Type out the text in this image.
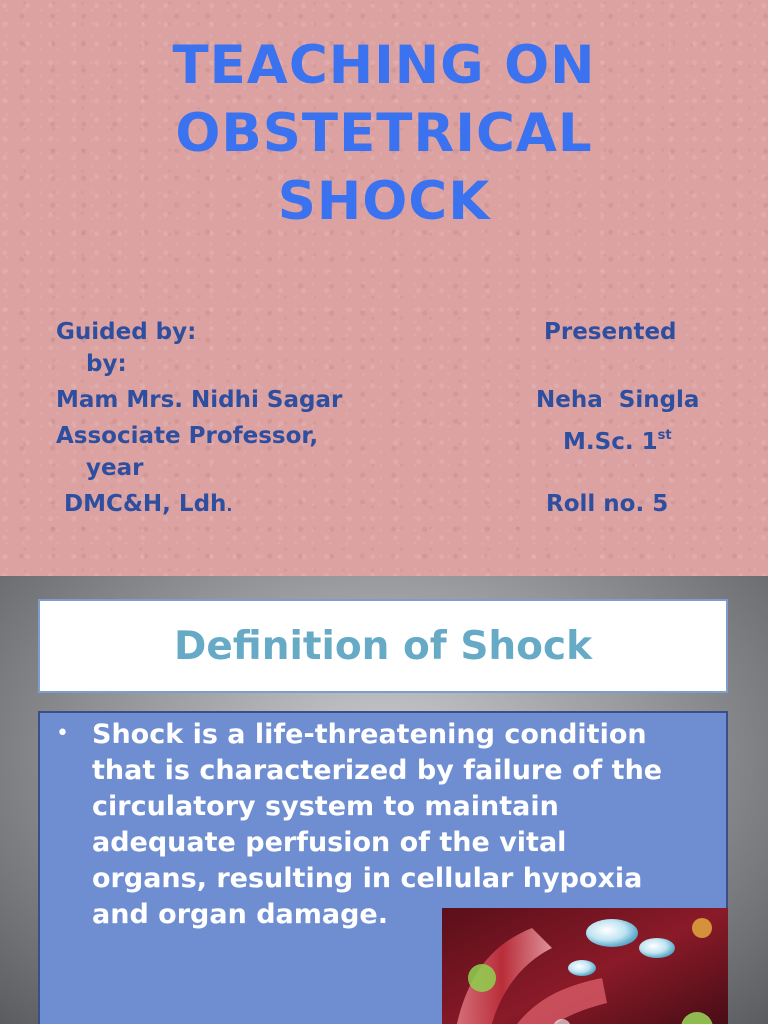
TEACHING ON
OBSTETRICAL
SHOCK
Guided by:	Presented
by:
Mam Mrs. Nidhi Sagar	Neha  Singla
Associate Professor,	M.Sc. 1st
year
DMC&H, Ldh.	Roll no. 5
Definition of Shock
• Shock is a life-threatening condition
that is characterized by failure of the
circulatory system to maintain
adequate perfusion of the vital
organs, resulting in cellular hypoxia
and organ damage.
